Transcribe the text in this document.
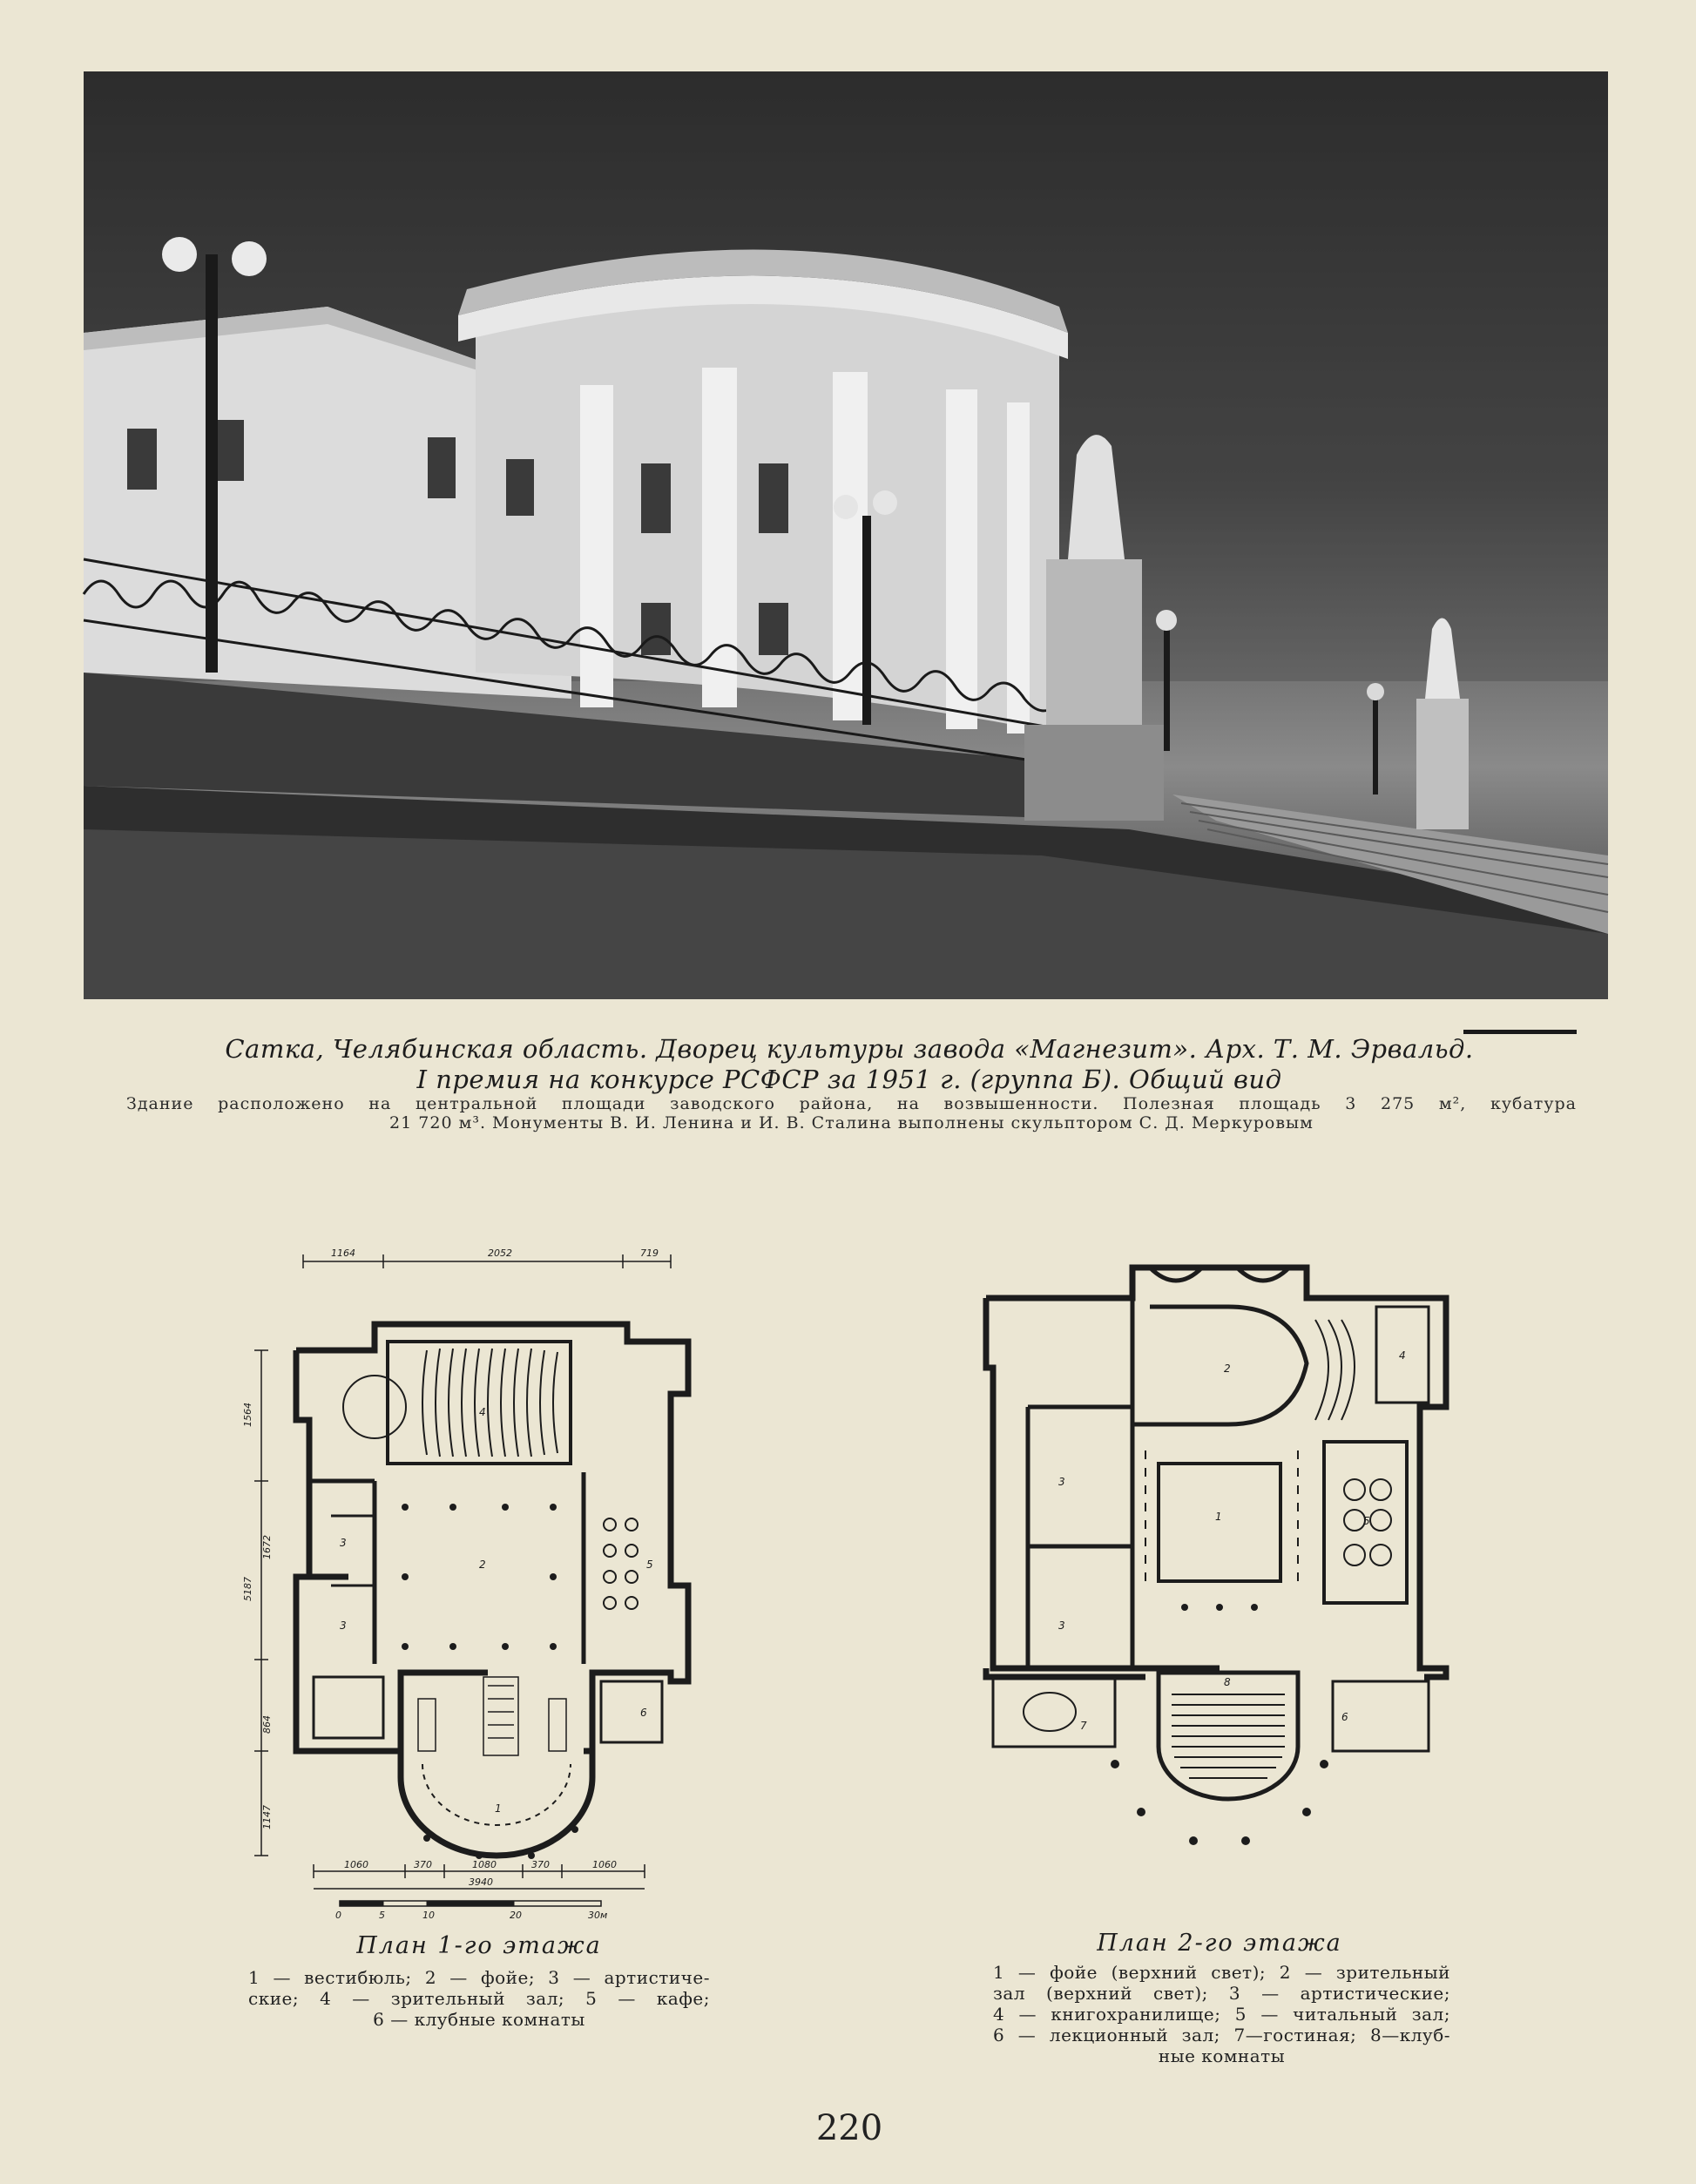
Сатка, Челябинская область. Дворец культуры завода «Магнезит». Арх. Т. М. Эрвальд.
I премия на конкурсе РСФСР за 1951 г. (группа Б). Общий вид
Здание расположено на центральной площади заводского района, на возвышенности. Полезная площадь 3 275 м², кубатура
21 720 м³. Монументы В. И. Ленина и И. В. Сталина выполнены скульптором С. Д. Меркуровым
1164	2052	719
1564
5187
1672
864
1147
1060	370	1080	370	1060
3940
0	5	10	20	30м
1
2
3
3
4
5
6
План 1-го этажа
1 — вестибюль; 2 — фойе; 3 — артистиче-
ские; 4 — зрительный зал; 5 — кафе;
6 — клубные комнаты
1
2
3
3
4
5
6
7
8
План 2-го этажа
1 — фойе (верхний свет); 2 — зрительный
зал (верхний свет); 3 — артистические;
4 — книгохранилище; 5 — читальный зал;
6 — лекционный зал; 7—гостиная; 8—клуб-
ные комнаты
220
